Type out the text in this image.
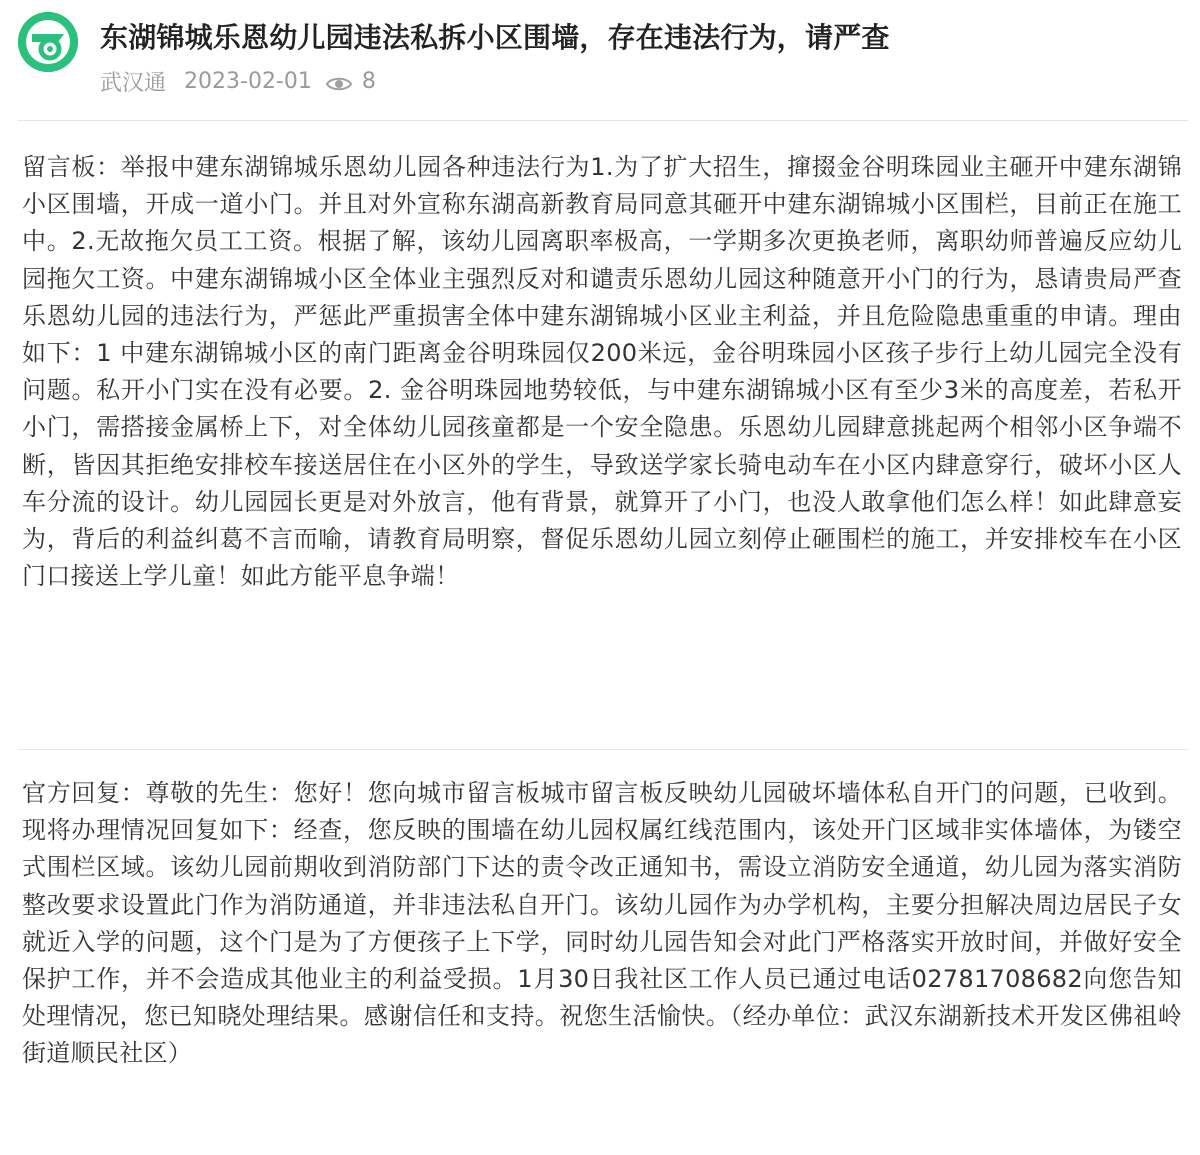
东湖锦城乐恩幼儿园违法私拆小区围墙，存在违法行为，请严查
武汉通 2023-02-01 8
留言板：举报中建东湖锦城乐恩幼儿园各种违法行为1.为了扩大招生，撺掇金谷明珠园业主砸开中建东湖锦小区围墙，开成一道小门。并且对外宣称东湖高新教育局同意其砸开中建东湖锦城小区围栏，目前正在施工中。2.无故拖欠员工工资。根据了解，该幼儿园离职率极高，一学期多次更换老师，离职幼师普遍反应幼儿园拖欠工资。中建东湖锦城小区全体业主强烈反对和谴责乐恩幼儿园这种随意开小门的行为，恳请贵局严查乐恩幼儿园的违法行为，严惩此严重损害全体中建东湖锦城小区业主利益，并且危险隐患重重的申请。理由如下：1 中建东湖锦城小区的南门距离金谷明珠园仅200米远，金谷明珠园小区孩子步行上幼儿园完全没有问题。私开小门实在没有必要。2. 金谷明珠园地势较低，与中建东湖锦城小区有至少3米的高度差，若私开小门，需搭接金属桥上下，对全体幼儿园孩童都是一个安全隐患。乐恩幼儿园肆意挑起两个相邻小区争端不断，皆因其拒绝安排校车接送居住在小区外的学生，导致送学家长骑电动车在小区内肆意穿行，破坏小区人车分流的设计。幼儿园园长更是对外放言，他有背景，就算开了小门，也没人敢拿他们怎么样！如此肆意妄为，背后的利益纠葛不言而喻，请教育局明察，督促乐恩幼儿园立刻停止砸围栏的施工，并安排校车在小区门口接送上学儿童！如此方能平息争端！
官方回复：尊敬的先生：您好！您向城市留言板城市留言板反映幼儿园破坏墙体私自开门的问题，已收到。现将办理情况回复如下：经查，您反映的围墙在幼儿园权属红线范围内，该处开门区域非实体墙体，为镂空式围栏区域。该幼儿园前期收到消防部门下达的责令改正通知书，需设立消防安全通道，幼儿园为落实消防整改要求设置此门作为消防通道，并非违法私自开门。该幼儿园作为办学机构，主要分担解决周边居民子女就近入学的问题，这个门是为了方便孩子上下学，同时幼儿园告知会对此门严格落实开放时间，并做好安全保护工作，并不会造成其他业主的利益受损。1月30日我社区工作人员已通过电话02781708682向您告知处理情况，您已知晓处理结果。感谢信任和支持。祝您生活愉快。（经办单位：武汉东湖新技术开发区佛祖岭街道顺民社区）
